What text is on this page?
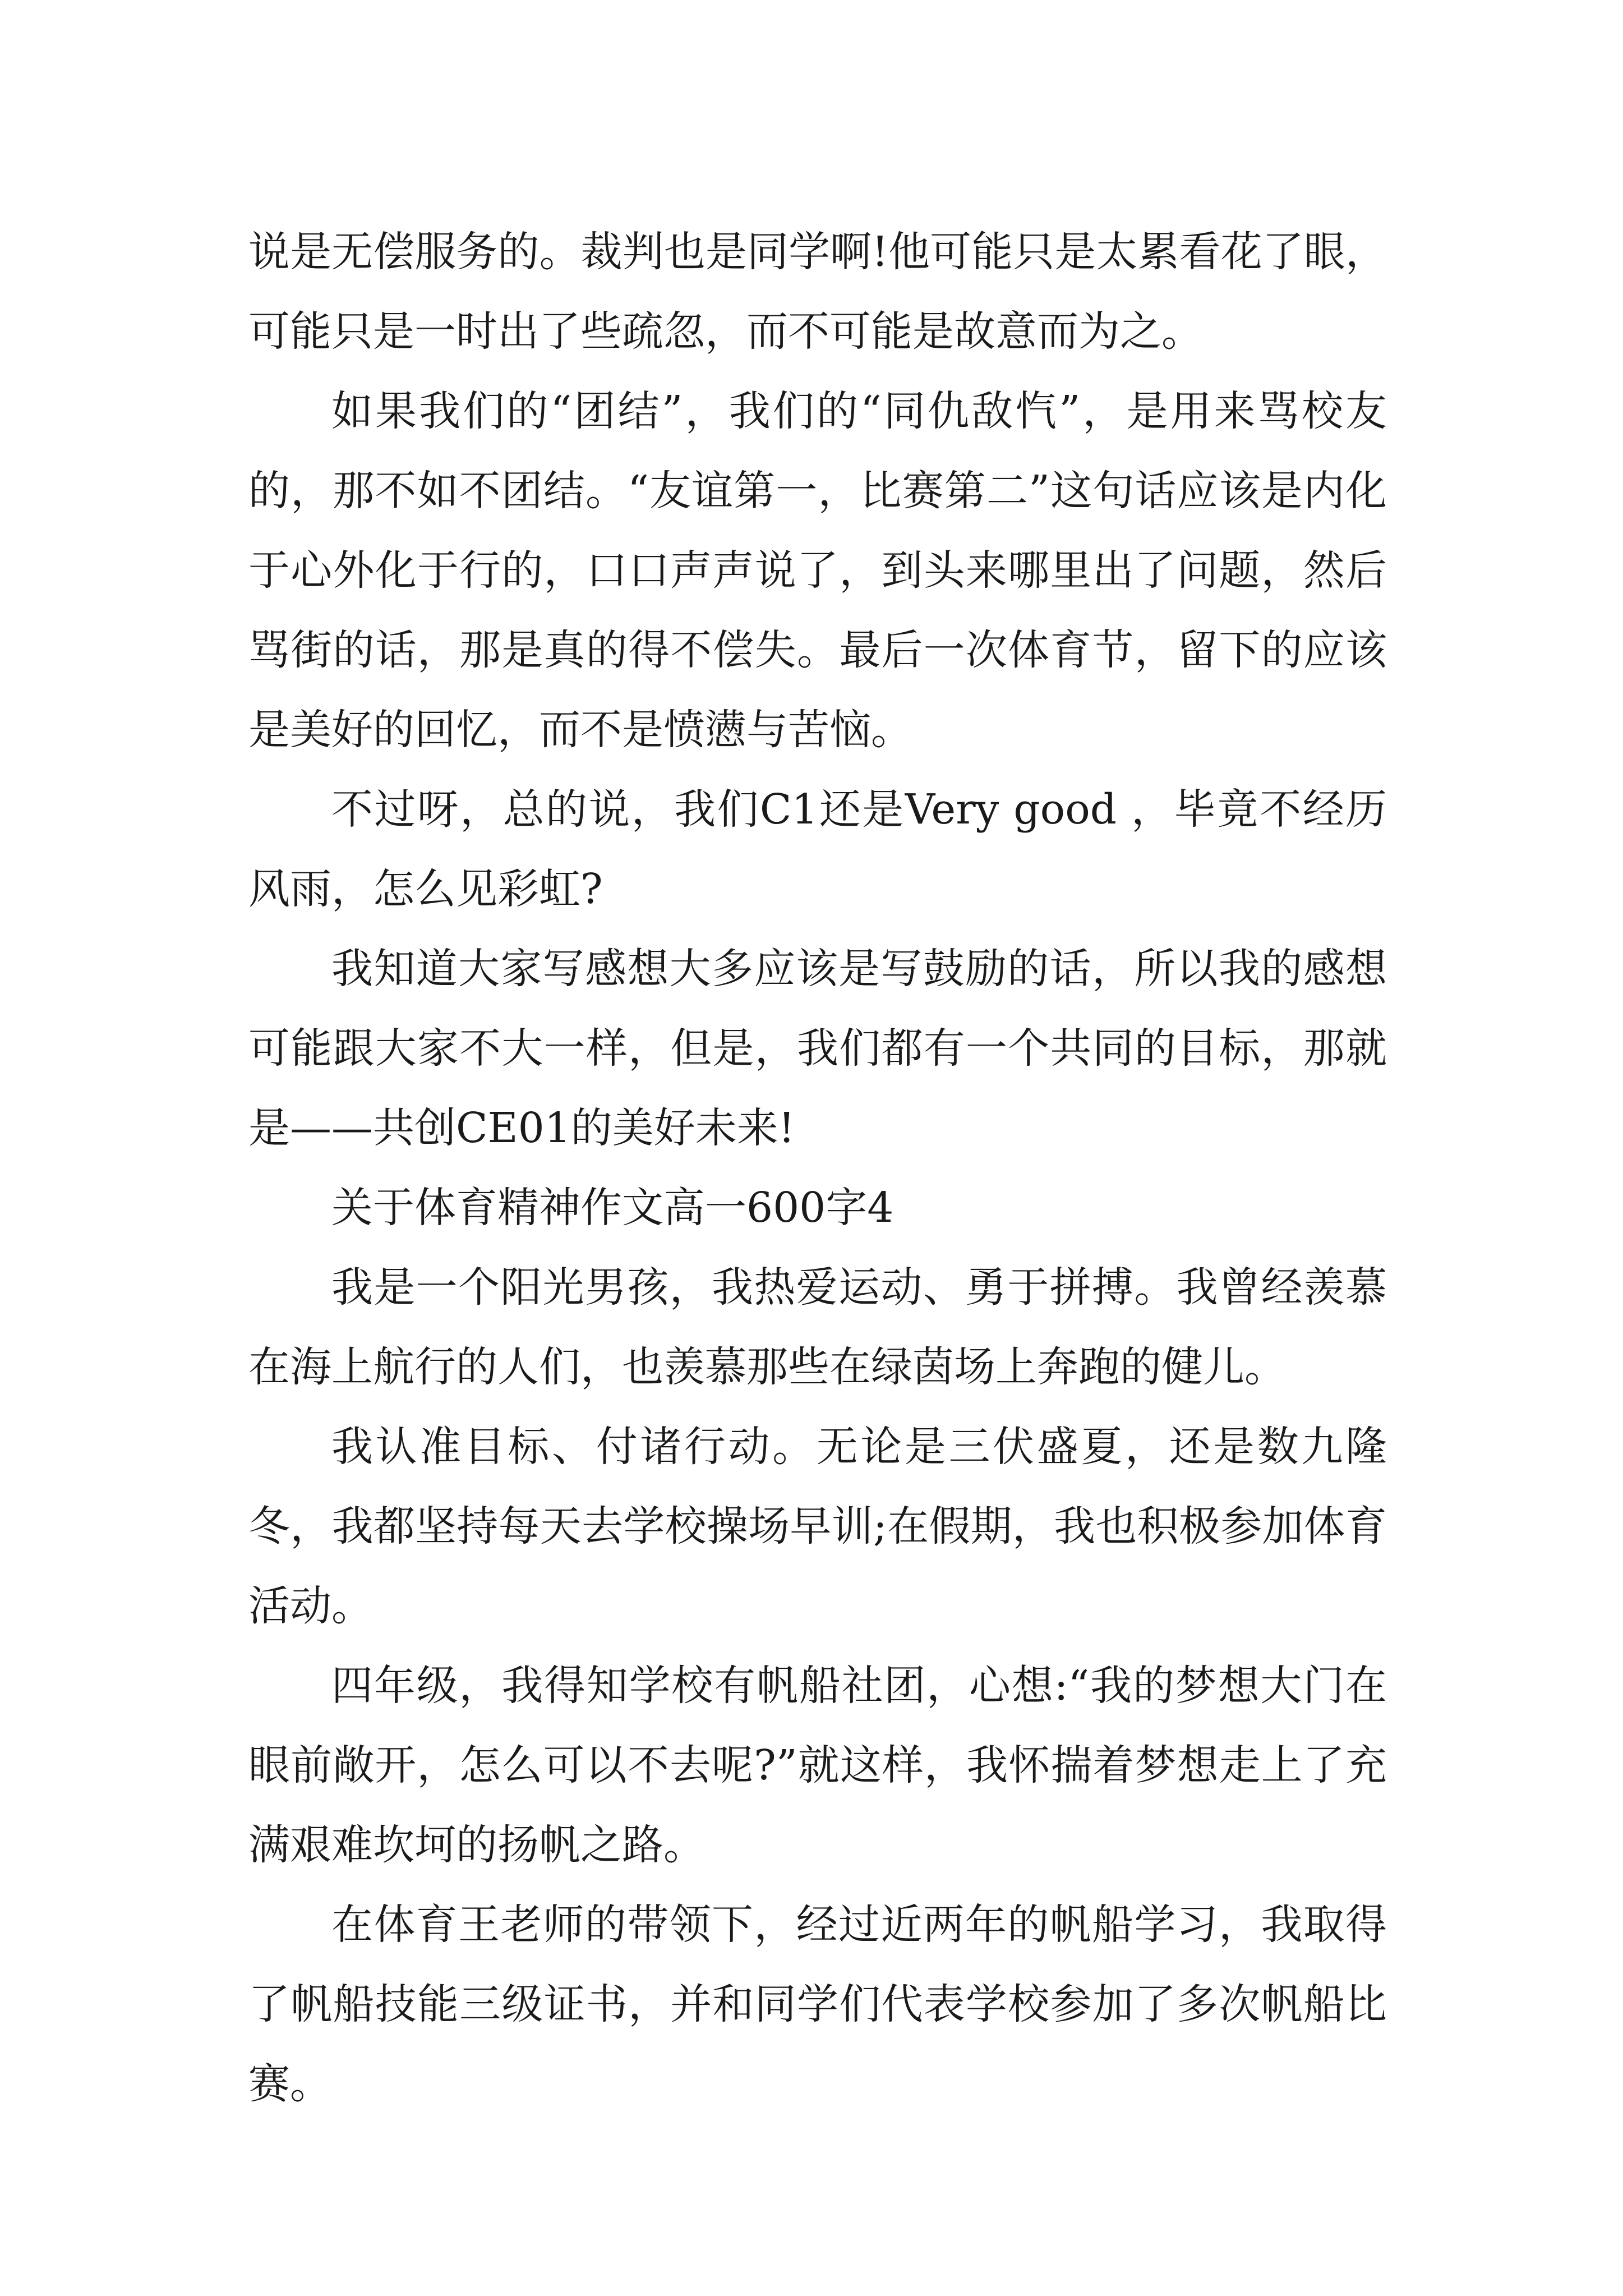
说是无偿服务的。裁判也是同学啊!他可能只是太累看花了眼，可能只是一时出了些疏忽，而不可能是故意而为之。

如果我们的“团结”，我们的“同仇敌忾”，是用来骂校友的，那不如不团结。“友谊第一，比赛第二”这句话应该是内化于心外化于行的，口口声声说了，到头来哪里出了问题，然后骂街的话，那是真的得不偿失。最后一次体育节，留下的应该是美好的回忆，而不是愤懑与苦恼。

不过呀，总的说，我们C1还是Very good ，毕竟不经历风雨，怎么见彩虹?

我知道大家写感想大多应该是写鼓励的话，所以我的感想可能跟大家不大一样，但是，我们都有一个共同的目标，那就是——共创CE01的美好未来!

关于体育精神作文高一600字4

我是一个阳光男孩，我热爱运动、勇于拼搏。我曾经羡慕在海上航行的人们，也羡慕那些在绿茵场上奔跑的健儿。

我认准目标、付诸行动。无论是三伏盛夏，还是数九隆冬，我都坚持每天去学校操场早训;在假期，我也积极参加体育活动。

四年级，我得知学校有帆船社团，心想:“我的梦想大门在眼前敞开，怎么可以不去呢?”就这样，我怀揣着梦想走上了充满艰难坎坷的扬帆之路。

在体育王老师的带领下，经过近两年的帆船学习，我取得了帆船技能三级证书，并和同学们代表学校参加了多次帆船比赛。
